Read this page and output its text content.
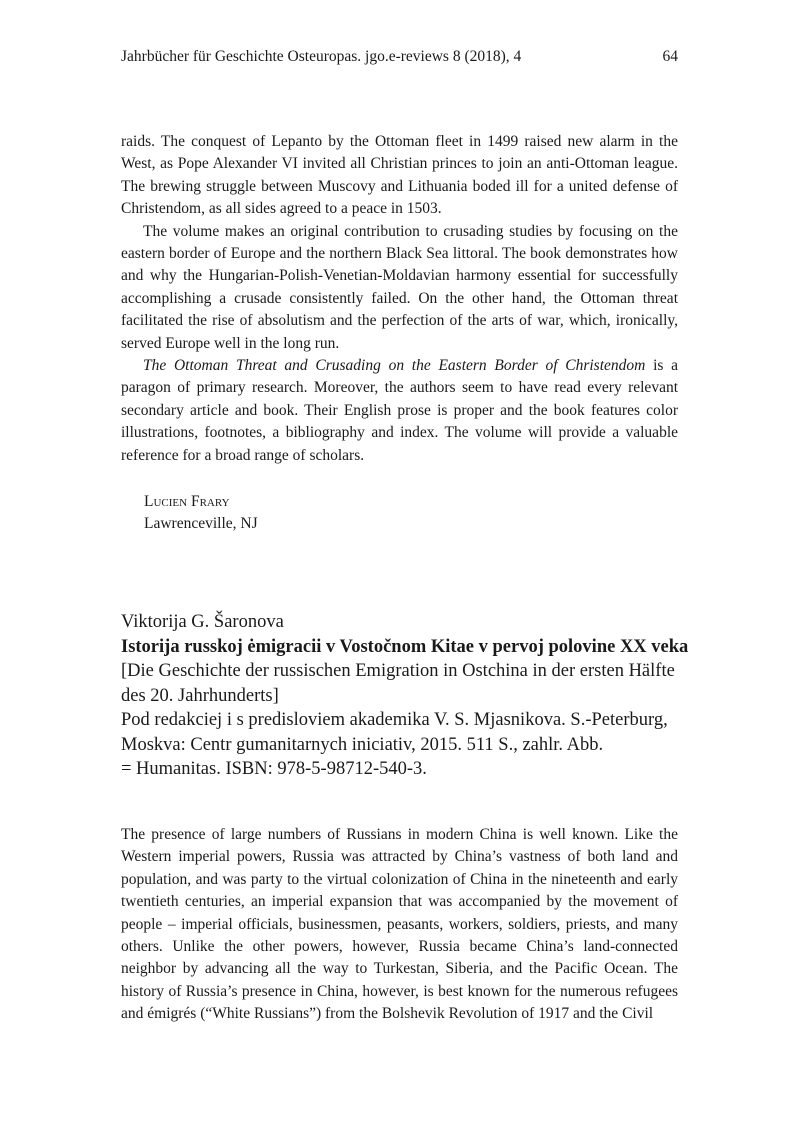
Jahrbücher für Geschichte Osteuropas. jgo.e-reviews 8 (2018), 4	64

raids. The conquest of Lepanto by the Ottoman fleet in 1499 raised new alarm in the West, as Pope Alexander VI invited all Christian princes to join an anti-Ottoman league. The brewing struggle between Muscovy and Lithuania boded ill for a united defense of Christendom, as all sides agreed to a peace in 1503.

The volume makes an original contribution to crusading studies by focusing on the eastern border of Europe and the northern Black Sea littoral. The book demonstrates how and why the Hungarian-Polish-Venetian-Moldavian harmony essential for successfully accomplishing a crusade consistently failed. On the other hand, the Ottoman threat facilitated the rise of absolutism and the perfection of the arts of war, which, ironically, served Europe well in the long run.

The Ottoman Threat and Crusading on the Eastern Border of Christendom is a paragon of primary research. Moreover, the authors seem to have read every relevant secondary article and book. Their English prose is proper and the book features color illustrations, footnotes, a bibliography and index. The volume will provide a valuable reference for a broad range of scholars.

Lucien Frary
Lawrenceville, NJ
Viktorija G. Šaronova
Istorija russkoj ėmigracii v Vostočnom Kitae v pervoj polovine XX veka
[Die Geschichte der russischen Emigration in Ostchina in der ersten Hälfte des 20. Jahrhunderts]
Pod redakciej i s predisloviem akademika V. S. Mjasnikova. S.-Peterburg,
Moskva: Centr gumanitarnych iniciativ, 2015. 511 S., zahlr. Abb.
= Humanitas. ISBN: 978-5-98712-540-3.

The presence of large numbers of Russians in modern China is well known. Like the Western imperial powers, Russia was attracted by China’s vastness of both land and population, and was party to the virtual colonization of China in the nineteenth and early twentieth centuries, an imperial expansion that was accompanied by the movement of people – imperial officials, businessmen, peasants, workers, soldiers, priests, and many others. Unlike the other powers, however, Russia became China’s land-connected neighbor by advancing all the way to Turkestan, Siberia, and the Pacific Ocean. The history of Russia’s presence in China, however, is best known for the numerous refugees and émigrés (“White Russians”) from the Bolshevik Revolution of 1917 and the Civil
